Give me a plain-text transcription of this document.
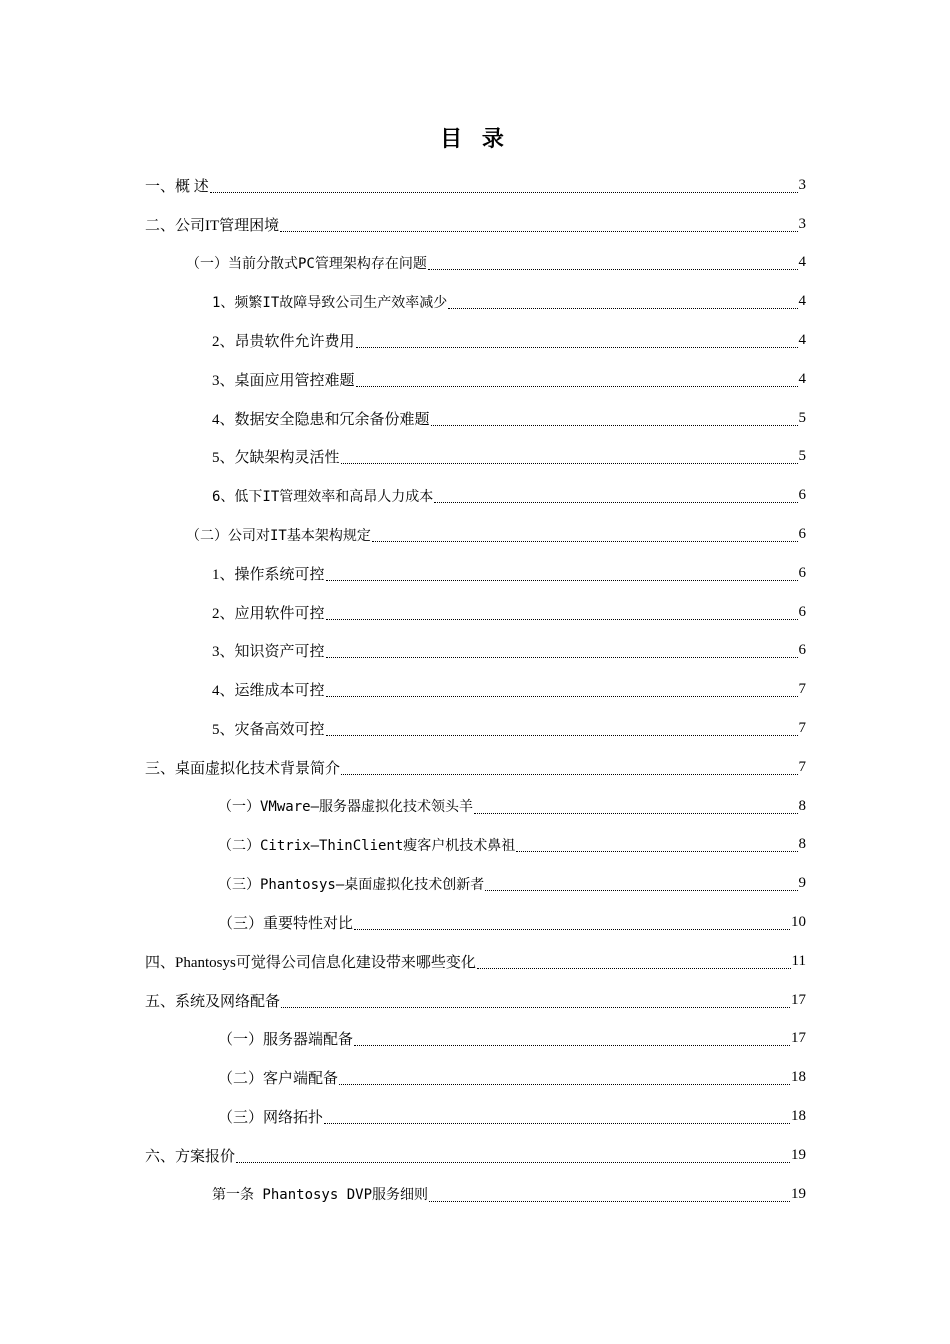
目 录
一、概 述	3
二、公司IT管理困境	3
（一）当前分散式PC管理架构存在问题	4
1、频繁IT故障导致公司生产效率减少	4
2、昂贵软件允许费用	4
3、桌面应用管控难题	4
4、数据安全隐患和冗余备份难题	5
5、欠缺架构灵活性	5
6、低下IT管理效率和高昂人力成本	6
（二）公司对IT基本架构规定	6
1、操作系统可控	6
2、应用软件可控	6
3、知识资产可控	6
4、运维成本可控	7
5、灾备高效可控	7
三、桌面虚拟化技术背景简介	7
（一）VMware—服务器虚拟化技术领头羊	8
（二）Citrix—ThinClient瘦客户机技术鼻祖	8
（三）Phantosys—桌面虚拟化技术创新者	9
（三）重要特性对比	10
四、Phantosys可觉得公司信息化建设带来哪些变化	11
五、系统及网络配备	17
（一）服务器端配备	17
（二）客户端配备	18
（三）网络拓扑	18
六、方案报价	19
第一条 Phantosys DVP服务细则	19
